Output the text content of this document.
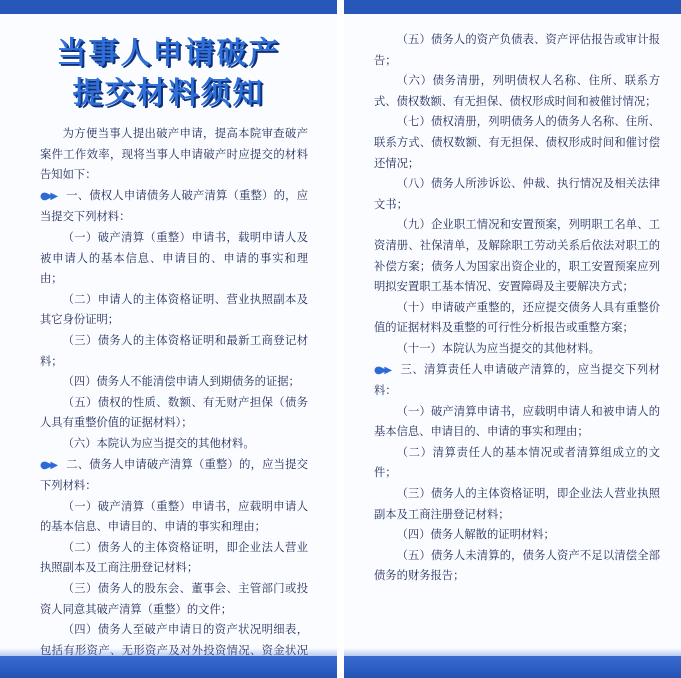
当事人申请破产
提交材料须知

为方便当事人提出破产申请，提高本院审查破产案件工作效率，现将当事人申请破产时应提交的材料告知如下：

●▶▶ 一、债权人申请债务人破产清算（重整）的，应当提交下列材料：

（一）破产清算（重整）申请书，载明申请人及被申请人的基本信息、申请目的、申请的事实和理由；

（二）申请人的主体资格证明、营业执照副本及其它身份证明；

（三）债务人的主体资格证明和最新工商登记材料；

（四）债务人不能清偿申请人到期债务的证据；

（五）债权的性质、数额、有无财产担保（债务人具有重整价值的证据材料）；

（六）本院认为应当提交的其他材料。

●▶▶ 二、债务人申请破产清算（重整）的，应当提交下列材料：

（一）破产清算（重整）申请书，应载明申请人的基本信息、申请目的、申请的事实和理由；

（二）债务人的主体资格证明，即企业法人营业执照副本及工商注册登记材料；

（三）债务人的股东会、董事会、主管部门或投资人同意其破产清算（重整）的文件；

（四）债务人至破产申请日的资产状况明细表，

（五）债务人的资产负债表、资产评估报告或审计报告；

（六）债务清册，列明债权人名称、住所、联系方式、债权数额、有无担保、债权形成时间和被催讨情况；

（七）债权清册，列明债务人的债务人名称、住所、联系方式、债权数额、有无担保、债权形成时间和催讨偿还情况；

（八）债务人所涉诉讼、仲裁、执行情况及相关法律文书；

（九）企业职工情况和安置预案，列明职工名单、工资清册、社保清单，及解除职工劳动关系后依法对职工的补偿方案；债务人为国家出资企业的，职工安置预案应列明拟安置职工基本情况、安置障碍及主要解决方式；

（十）申请破产重整的，还应提交债务人具有重整价值的证据材料及重整的可行性分析报告或重整方案；

（十一）本院认为应当提交的其他材料。

●▶▶ 三、清算责任人申请破产清算的，应当提交下列材料：

（一）破产清算申请书，应载明申请人和被申请人的基本信息、申请目的、申请的事实和理由；

（二）清算责任人的基本情况或者清算组成立的文件；

（三）债务人的主体资格证明，即企业法人营业执照副本及工商注册登记材料；

（四）债务人解散的证明材料；

（五）债务人未清算的，债务人资产不足以清偿全部债务的财务报告；
